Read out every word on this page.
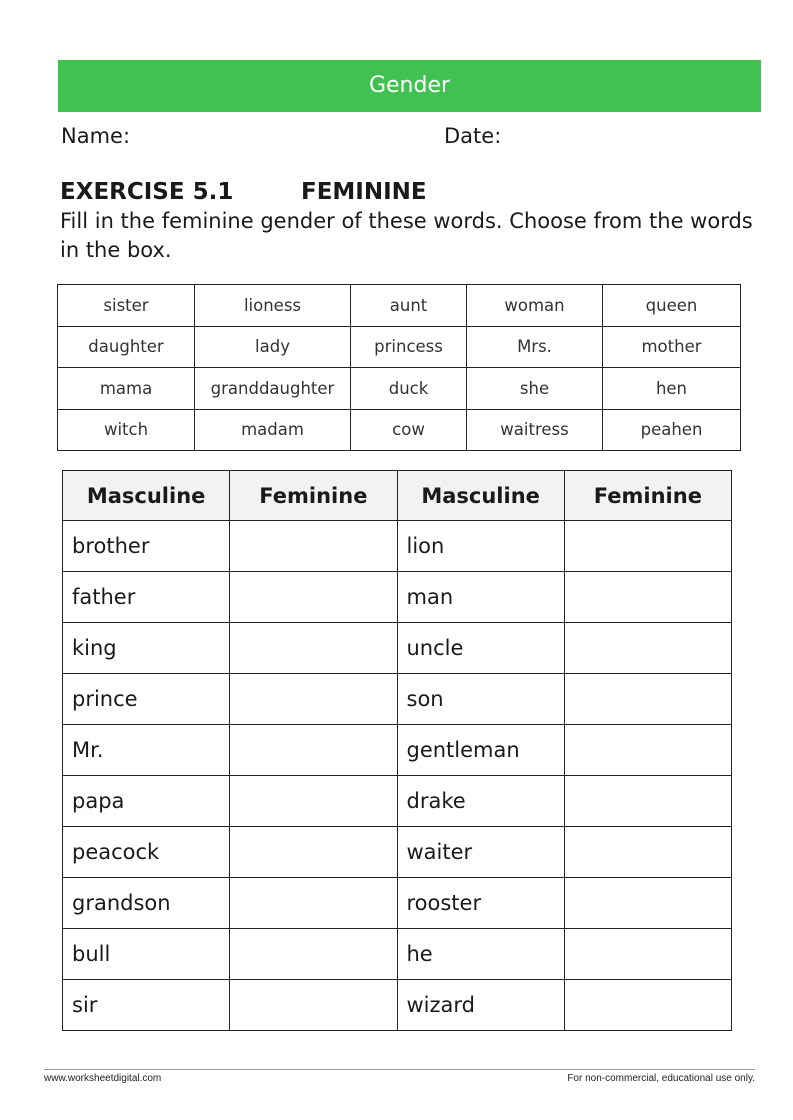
Gender
Name:	Date:
EXERCISE 5.1	FEMININE

Fill in the feminine gender of these words. Choose from the words in the box.

sister	lioness	aunt	woman	queen
daughter	lady	princess	Mrs.	mother
mama	granddaughter	duck	she	hen
witch	madam	cow	waitress	peahen
Masculine	Feminine	Masculine	Feminine
brother		lion	
father		man	
king		uncle	
prince		son	
Mr.		gentleman	
papa		drake	
peacock		waiter	
grandson		rooster	
bull		he	
sir		wizard	
www.worksheetdigital.com	For non-commercial, educational use only.
